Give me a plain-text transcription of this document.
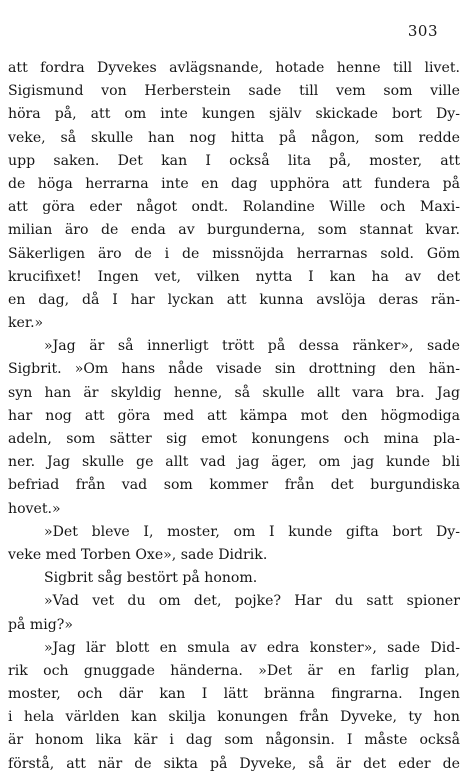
303
att fordra Dyvekes avlägsnande, hotade henne till livet.
Sigismund von Herberstein sade till vem som ville
höra på, att om inte kungen själv skickade bort Dy-
veke, så skulle han nog hitta på någon, som redde
upp saken. Det kan I också lita på, moster, att
de höga herrarna inte en dag upphöra att fundera på
att göra eder något ondt. Rolandine Wille och Maxi-
milian äro de enda av burgunderna, som stannat kvar.
Säkerligen äro de i de missnöjda herrarnas sold. Göm
krucifixet! Ingen vet, vilken nytta I kan ha av det
en dag, då I har lyckan att kunna avslöja deras rän-
ker.»
»Jag är så innerligt trött på dessa ränker», sade
Sigbrit. »Om hans nåde visade sin drottning den hän-
syn han är skyldig henne, så skulle allt vara bra. Jag
har nog att göra med att kämpa mot den högmodiga
adeln, som sätter sig emot konungens och mina pla-
ner. Jag skulle ge allt vad jag äger, om jag kunde bli
befriad från vad som kommer från det burgundiska
hovet.»
»Det bleve I, moster, om I kunde gifta bort Dy-
veke med Torben Oxe», sade Didrik.
Sigbrit såg bestört på honom.
»Vad vet du om det, pojke? Har du satt spioner
på mig?»
»Jag lär blott en smula av edra konster», sade Did-
rik och gnuggade händerna. »Det är en farlig plan,
moster, och där kan I lätt bränna fingrarna. Ingen
i hela världen kan skilja konungen från Dyveke, ty hon
är honom lika kär i dag som någonsin. I måste också
förstå, att när de sikta på Dyveke, så är det eder de
